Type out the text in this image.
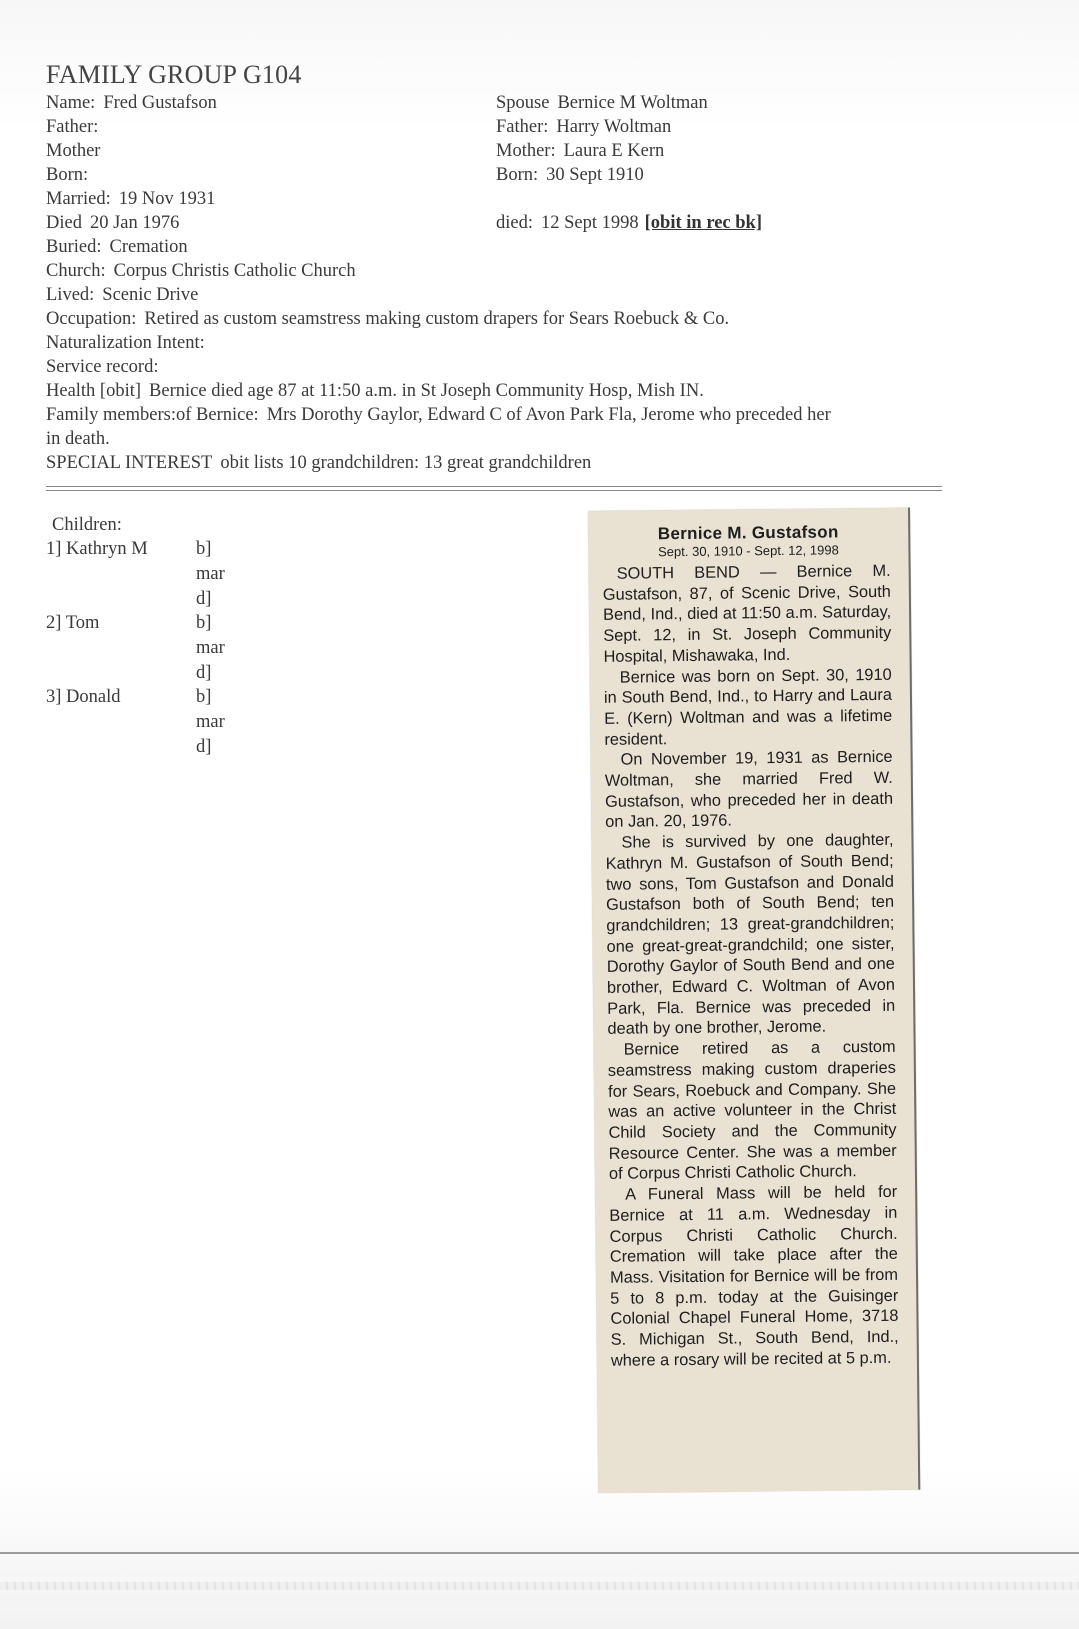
FAMILY GROUP G104
Name: Fred Gustafson
Father:
Mother
Born:
Married: 19 Nov 1931
Died 20 Jan 1976
Spouse Bernice M Woltman
Father: Harry Woltman
Mother: Laura E Kern
Born: 30 Sept 1910
died: 12 Sept 1998 [obit in rec bk]
Buried: Cremation
Church: Corpus Christis Catholic Church
Lived: Scenic Drive
Occupation: Retired as custom seamstress making custom drapers for Sears Roebuck & Co.
Naturalization Intent:
Service record:
Health [obit] Bernice died age 87 at 11:50 a.m. in St Joseph Community Hosp, Mish IN.
Family members:of Bernice: Mrs Dorothy Gaylor, Edward C of Avon Park Fla, Jerome who preceded her
in death.
SPECIAL INTEREST obit lists 10 grandchildren: 13 great grandchildren
Children:
1] Kathryn M	b]
mar
d]
2] Tom	b]
mar
d]
3] Donald	b]
mar
d]
Bernice M. Gustafson
Sept. 30, 1910 - Sept. 12, 1998

SOUTH BEND — Bernice M. Gustafson, 87, of Scenic Drive, South Bend, Ind., died at 11:50 a.m. Saturday, Sept. 12, in St. Joseph Community Hospital, Mishawaka, Ind.

Bernice was born on Sept. 30, 1910 in South Bend, Ind., to Harry and Laura E. (Kern) Woltman and was a lifetime resident.

On November 19, 1931 as Bernice Woltman, she married Fred W. Gustafson, who preceded her in death on Jan. 20, 1976.

She is survived by one daughter, Kathryn M. Gustafson of South Bend; two sons, Tom Gustafson and Donald Gustafson both of South Bend; ten grandchildren; 13 great-grandchildren; one great-great-grandchild; one sister, Dorothy Gaylor of South Bend and one brother, Edward C. Woltman of Avon Park, Fla. Bernice was preceded in death by one brother, Jerome.

Bernice retired as a custom seamstress making custom draperies for Sears, Roebuck and Company. She was an active volunteer in the Christ Child Society and the Community Resource Center. She was a member of Corpus Christi Catholic Church.

A Funeral Mass will be held for Bernice at 11 a.m. Wednesday in Corpus Christi Catholic Church. Cremation will take place after the Mass. Visitation for Bernice will be from 5 to 8 p.m. today at the Guisinger Colonial Chapel Funeral Home, 3718 S. Michigan St., South Bend, Ind., where a rosary will be recited at 5 p.m.
